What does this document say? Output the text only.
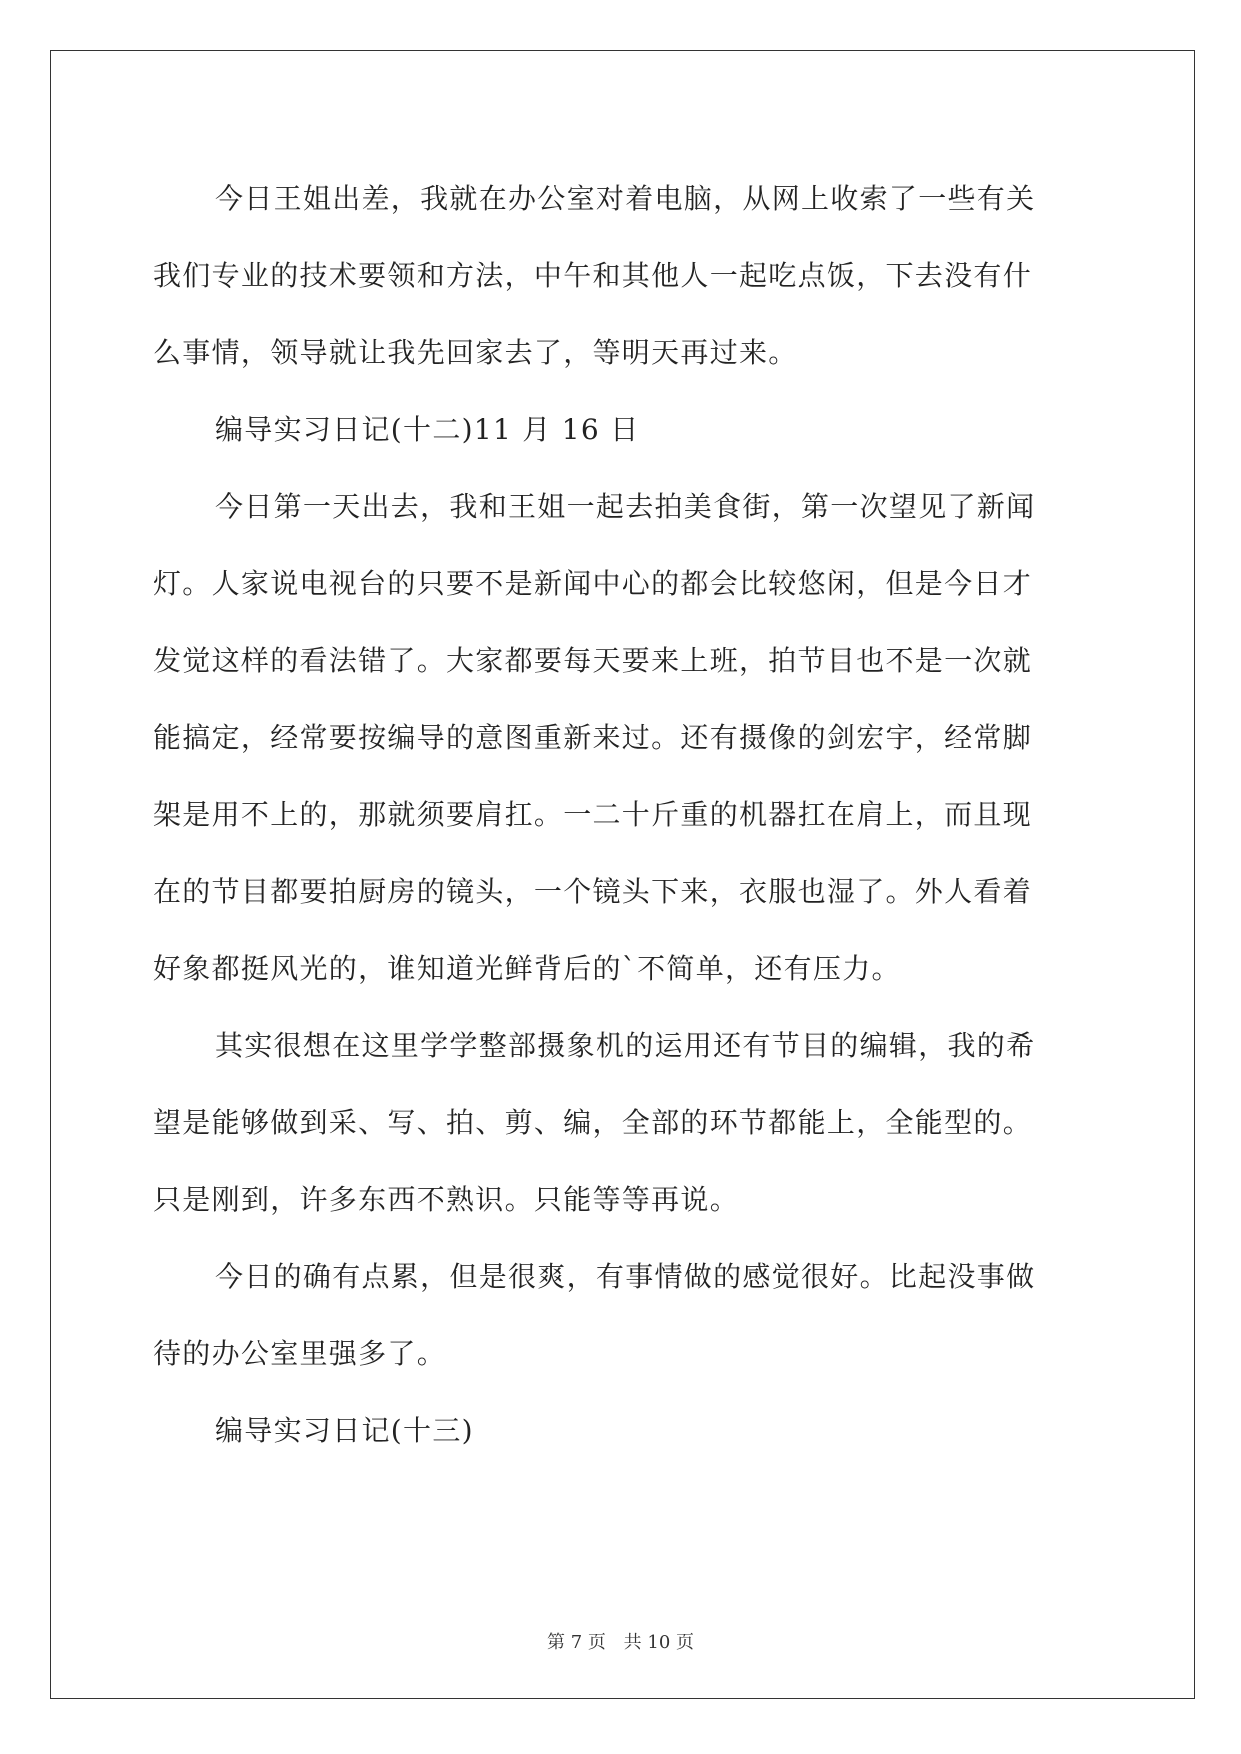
今日王姐出差，我就在办公室对着电脑，从网上收索了一些有关
我们专业的技术要领和方法，中午和其他人一起吃点饭，下去没有什
么事情，领导就让我先回家去了，等明天再过来。

编导实习日记(十二)11 月 16 日

今日第一天出去，我和王姐一起去拍美食街，第一次望见了新闻
灯。人家说电视台的只要不是新闻中心的都会比较悠闲，但是今日才
发觉这样的看法错了。大家都要每天要来上班，拍节目也不是一次就
能搞定，经常要按编导的意图重新来过。还有摄像的剑宏宇，经常脚
架是用不上的，那就须要肩扛。一二十斤重的机器扛在肩上，而且现
在的节目都要拍厨房的镜头，一个镜头下来，衣服也湿了。外人看着
好象都挺风光的，谁知道光鲜背后的`不简单，还有压力。

其实很想在这里学学整部摄象机的运用还有节目的编辑，我的希
望是能够做到采、写、拍、剪、编，全部的环节都能上，全能型的。
只是刚到，许多东西不熟识。只能等等再说。

今日的确有点累，但是很爽，有事情做的感觉很好。比起没事做
待的办公室里强多了。

编导实习日记(十三)

第 7 页 共 10 页
